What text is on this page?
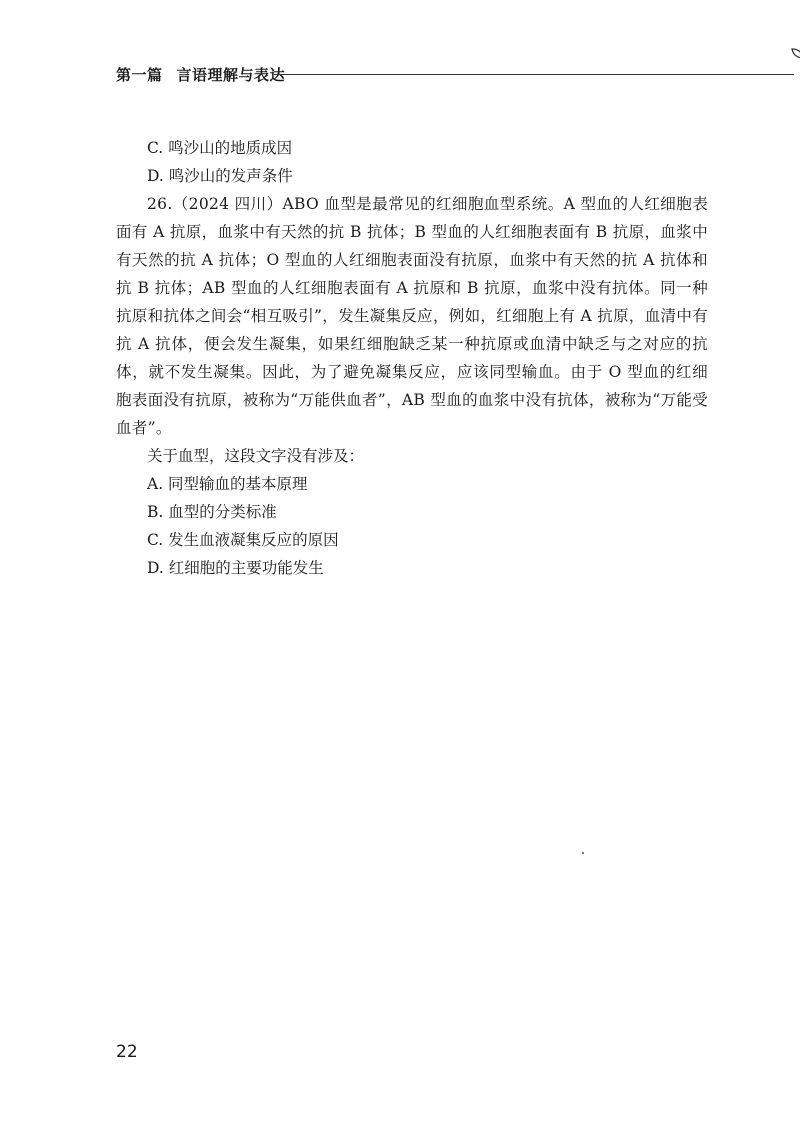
第一篇 言语理解与表达

C. 鸣沙山的地质成因

D. 鸣沙山的发声条件

26.（2024 四川）ABO 血型是最常见的红细胞血型系统。A 型血的人红细胞表面有 A 抗原，血浆中有天然的抗 B 抗体；B 型血的人红细胞表面有 B 抗原，血浆中有天然的抗 A 抗体；O 型血的人红细胞表面没有抗原，血浆中有天然的抗 A 抗体和抗 B 抗体；AB 型血的人红细胞表面有 A 抗原和 B 抗原，血浆中没有抗体。同一种抗原和抗体之间会“相互吸引”，发生凝集反应，例如，红细胞上有 A 抗原，血清中有抗 A 抗体，便会发生凝集，如果红细胞缺乏某一种抗原或血清中缺乏与之对应的抗体，就不发生凝集。因此，为了避免凝集反应，应该同型输血。由于 O 型血的红细胞表面没有抗原，被称为“万能供血者”，AB 型血的血浆中没有抗体，被称为“万能受血者”。

关于血型，这段文字没有涉及：

A. 同型输血的基本原理

B. 血型的分类标准

C. 发生血液凝集反应的原因

D. 红细胞的主要功能发生

22
